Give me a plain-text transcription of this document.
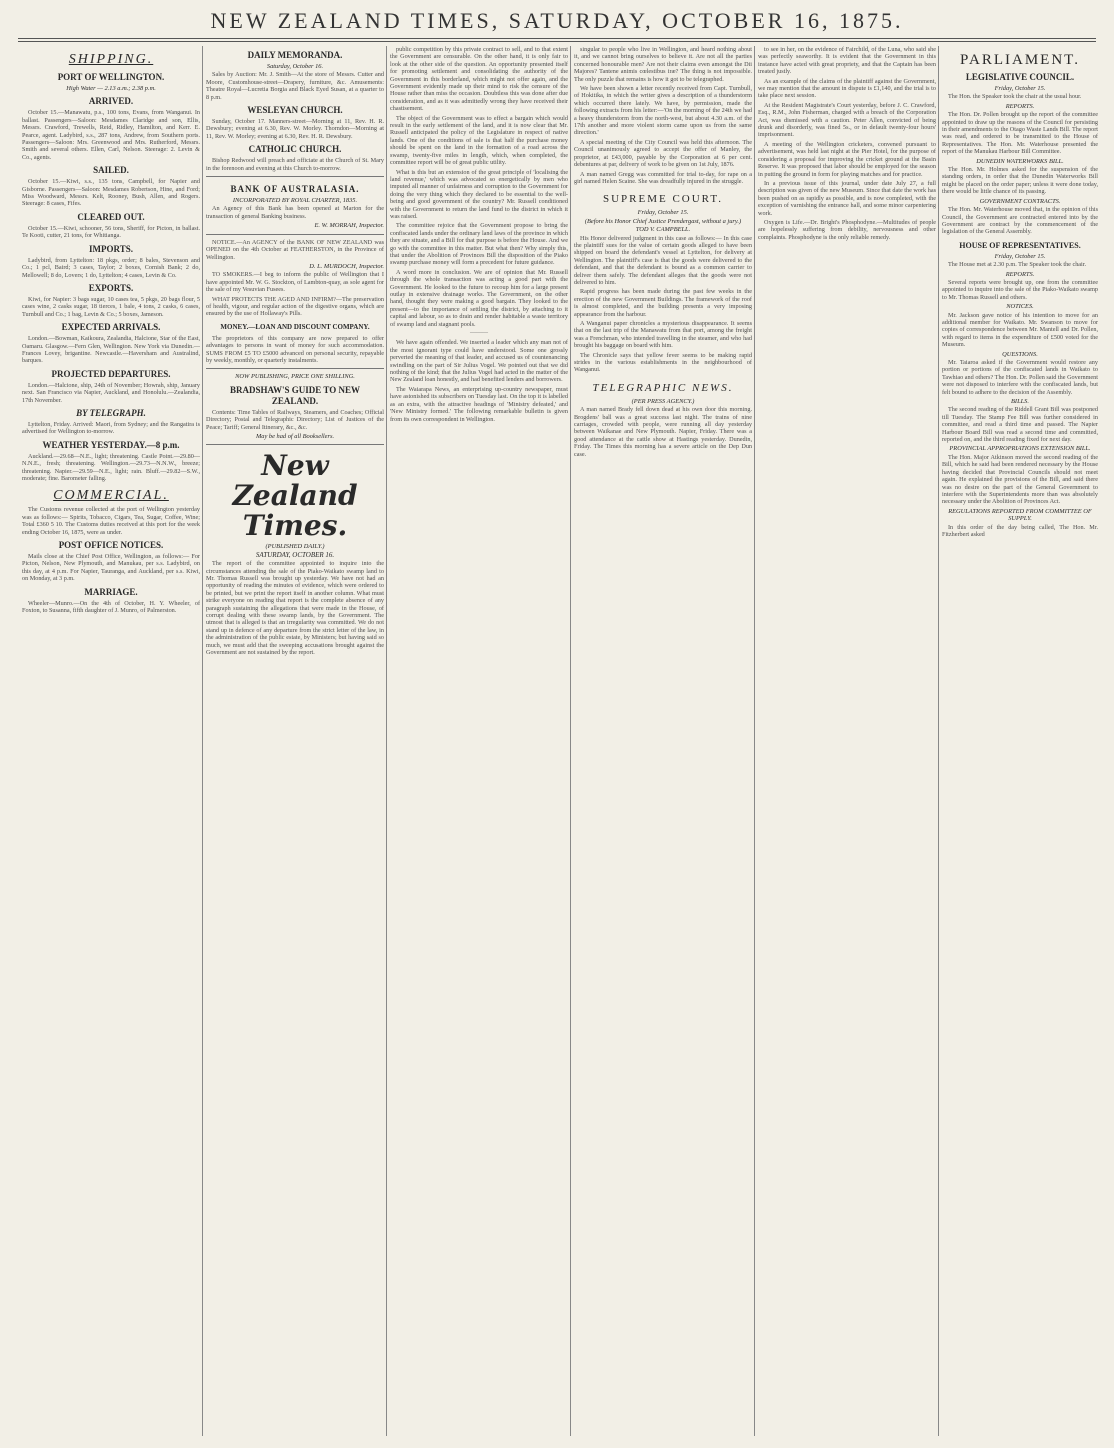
NEW ZEALAND TIMES, SATURDAY, OCTOBER 16, 1875.
SHIPPING.
PORT OF WELLINGTON.

High Water — 2.13 a.m.; 2.38 p.m.

ARRIVED.

October 15.—Manawatu, p.s., 100 tons, Evans, from Wanganui. In ballast. Passengers—Saloon: Mesdames Claridge and son, Ellis, Messrs. Crawford, Trewells, Reid, Ridley, Hamilton, and Kerr. E. Pearce, agent. Ladybird, s.s., 287 tons, Andrew, from Southern ports. Passengers—Saloon: Mrs. Greenwood and Mrs. Rutherford, Messrs. Smith and several others. Ellen, Carl, Nelson. Steerage: 2. Levin & Co., agents.

SAILED.

October 15.—Kiwi, s.s., 135 tons, Campbell, for Napier and Gisborne. Passengers—Saloon: Mesdames Robertson, Hine, and Ford; Miss Woodward, Messrs. Kelt, Rooney, Bush, Allen, and Rogers. Steerage: 8 cases, Fifes.

CLEARED OUT.

October 15.—Kiwi, schooner, 56 tons, Sheriff, for Picton, in ballast. Te Kooti, cutter, 21 tons, for Whitianga.

IMPORTS.

Ladybird, from Lyttelton: 18 pkgs, order; 8 bales, Stevenson and Co.; 1 pcl, Baird; 3 cases, Taylor; 2 boxes, Cornish Bank; 2 do, Mellowell; 8 do, Lovers; 1 do, Lyttelton; 4 cases, Levin & Co.

EXPORTS.

Kiwi, for Napier: 3 bags sugar, 10 cases tea, 5 pkgs, 20 bags flour, 5 cases wine, 2 casks sugar, 18 tierces, 1 bale, 4 tons, 2 casks, 6 cases, Turnbull and Co.; 1 bag, Levin & Co.; 5 boxes, Jameson.

EXPECTED ARRIVALS.

London.—Bowman, Kaikoura, Zealandia, Halcione, Star of the East, Oamaru. Glasgow.—Fern Glen, Wellington. New York via Dunedin.—Frances Lovey, brigantine. Newcastle.—Haversham and Australind, barques.

PROJECTED DEPARTURES.

London.—Halcione, ship, 24th of November; Howrah, ship, January next. San Francisco via Napier, Auckland, and Honolulu.—Zealandia, 17th November.

BY TELEGRAPH.

Lyttelton, Friday. Arrived: Maori, from Sydney; and the Rangatira is advertised for Wellington to-morrow.

WEATHER YESTERDAY.—8 p.m.

Auckland.—29.68—N.E., light; threatening. Castle Point.—29.80—N.N.E., fresh; threatening. Wellington.—29.73—N.N.W., breeze; threatening. Napier.—29.59—N.E., light; rain. Bluff.—29.82—S.W., moderate; fine. Barometer falling.

COMMERCIAL.

The Customs revenue collected at the port of Wellington yesterday was as follows:— Spirits, Tobacco, Cigars, Tea, Sugar, Coffee, Wine; Total £360 5 10. The Customs duties received at this port for the week ending October 16, 1875, were as under.

POST OFFICE NOTICES.

Mails close at the Chief Post Office, Wellington, as follows:— For Picton, Nelson, New Plymouth, and Manukau, per s.s. Ladybird, on this day, at 4 p.m. For Napier, Tauranga, and Auckland, per s.s. Kiwi, on Monday, at 3 p.m.

MARRIAGE.

Wheeler—Munro.—On the 4th of October, H. Y. Wheeler, of Foxton, to Susanna, fifth daughter of J. Munro, of Palmerston.

DAILY MEMORANDA.

Saturday, October 16.

Sales by Auction: Mr. J. Smith—At the store of Messrs. Cutter and Moore, Customhouse-street—Drapery, furniture, &c. Amusements: Theatre Royal—Lucretia Borgia and Black Eyed Susan, at a quarter to 8 p.m.

WESLEYAN CHURCH.

Sunday, October 17. Manners-street—Morning at 11, Rev. H. R. Dewsbury; evening at 6.30, Rev. W. Morley. Thorndon—Morning at 11, Rev. W. Morley; evening at 6.30, Rev. H. R. Dewsbury.

CATHOLIC CHURCH.

Bishop Redwood will preach and officiate at the Church of St. Mary in the forenoon and evening at this Church to-morrow.

BANK OF AUSTRALASIA.

INCORPORATED BY ROYAL CHARTER, 1835.

An Agency of this Bank has been opened at Marton for the transaction of general Banking business.

E. W. MORRAH, Inspector.

NOTICE.—An AGENCY of the BANK OF NEW ZEALAND was OPENED on the 4th October at FEATHERSTON, in the Province of Wellington.

D. L. MURDOCH, Inspector.

TO SMOKERS.—I beg to inform the public of Wellington that I have appointed Mr. W. G. Stockton, of Lambton-quay, as sole agent for the sale of my Vesuvian Fusees.

WHAT PROTECTS THE AGED AND INFIRM?—The preservation of health, vigour, and regular action of the digestive organs, which are ensured by the use of Hollaway's Pills.

MONEY.—LOAN AND DISCOUNT COMPANY.

The proprietors of this company are now prepared to offer advantages to persons in want of money for such accommodation. SUMS FROM £5 TO £5000 advanced on personal security, repayable by weekly, monthly, or quarterly instalments.

NOW PUBLISHING, PRICE ONE SHILLING.

BRADSHAW'S GUIDE TO NEW ZEALAND.

Contents: Time Tables of Railways, Steamers, and Coaches; Official Directory; Postal and Telegraphic Directory; List of Justices of the Peace; Tariff; General Itinerary, &c., &c.

May be had of all Booksellers.

New Zealand Times.

(PUBLISHED DAILY.)

SATURDAY, OCTOBER 16.

The report of the committee appointed to inquire into the circumstances attending the sale of the Piako-Waikato swamp land to Mr. Thomas Russell was brought up yesterday. We have not had an opportunity of reading the minutes of evidence, which were ordered to be printed, but we print the report itself in another column. What must strike everyone on reading that report is the complete absence of any paragraph sustaining the allegations that were made in the House, of corrupt dealing with these swamp lands, by the Government. The utmost that is alleged is that an irregularity was committed. We do not stand up in defence of any departure from the strict letter of the law, in the administration of the public estate, by Ministers; but having said so much, we must add that the sweeping accusations brought against the Government are not sustained by the report.

public competition by this private contract to sell, and to that extent the Government are censurable. On the other hand, it is only fair to look at the other side of the question. An opportunity presented itself for promoting settlement and consolidating the authority of the Government in this borderland, which might not offer again, and the Government evidently made up their mind to risk the censure of the House rather than miss the occasion. Doubtless this was done after due consideration, and as it was admittedly wrong they have received their chastisement.

The object of the Government was to effect a bargain which would result in the early settlement of the land, and it is now clear that Mr. Russell anticipated the policy of the Legislature in respect of native lands. One of the conditions of sale is that half the purchase money should be spent on the land in the formation of a road across the swamp, twenty-five miles in length, which, when completed, the committee report will be of great public utility.

What is this but an extension of the great principle of 'localising the land revenue,' which was advocated so energetically by men who imputed all manner of unfairness and corruption to the Government for doing the very thing which they declared to be essential to the well-being and good government of the country? Mr. Russell conditioned with the Government to return the land fund to the district in which it was raised.

The committee rejoice that the Government propose to bring the confiscated lands under the ordinary land laws of the province in which they are situate, and a Bill for that purpose is before the House. And we go with the committee in this matter. But what then? Why simply this, that under the Abolition of Provinces Bill the disposition of the Piako swamp purchase money will form a precedent for future guidance.

A word more in conclusion. We are of opinion that Mr. Russell through the whole transaction was acting a good part with the Government. He looked to the future to recoup him for a large present outlay in extensive drainage works. The Government, on the other hand, thought they were making a good bargain. They looked to the present—to the importance of settling the district, by attaching to it capital and labour, so as to drain and render habitable a waste territory of swamp land and stagnant pools.

———

We have again offended. We inserted a leader which any man not of the most ignorant type could have understood. Some one grossly perverted the meaning of that leader, and accused us of countenancing swindling on the part of Sir Julius Vogel. We pointed out that we did nothing of the kind; that the Julius Vogel had acted in the matter of the New Zealand loan honestly, and had benefited lenders and borrowers.

The Waiarapa News, an enterprising up-country newspaper, must have astonished its subscribers on Tuesday last. On the top it is labelled as an extra, with the attractive headings of 'Ministry defeated,' and 'New Ministry formed.' The following remarkable bulletin is given from its own correspondent in Wellington.

singular to people who live in Wellington, and heard nothing about it, and we cannot bring ourselves to believe it. Are not all the parties concerned honourable men? Are not their claims even amongst the Dii Majores? Tantene animis cœlestibus iræ? The thing is not impossible. The only puzzle that remains is how it got to be telegraphed.

We have been shown a letter recently received from Capt. Turnbull, of Hokitika, in which the writer gives a description of a thunderstorm which occurred there lately. We have, by permission, made the following extracts from his letter:—'On the morning of the 24th we had a heavy thunderstorm from the north-west, but about 4.30 a.m. of the 17th another and more violent storm came upon us from the same direction.'

A special meeting of the City Council was held this afternoon. The Council unanimously agreed to accept the offer of Manley, the proprietor, at £43,000, payable by the Corporation at 6 per cent. debentures at par, delivery of work to be given on 1st July, 1876.

A man named Gregg was committed for trial to-day, for rape on a girl named Helen Scaine. She was dreadfully injured in the struggle.

SUPREME COURT.

Friday, October 15.

(Before his Honor Chief Justice Prendergast, without a jury.)

TOD V. CAMPBELL.

His Honor delivered judgment in this case as follows:— In this case the plaintiff sues for the value of certain goods alleged to have been shipped on board the defendant's vessel at Lyttelton, for delivery at Wellington. The plaintiff's case is that the goods were delivered to the defendant, and that the defendant is bound as a common carrier to deliver them safely. The defendant alleges that the goods were not delivered to him.

Rapid progress has been made during the past few weeks in the erection of the new Government Buildings. The framework of the roof is almost completed, and the building presents a very imposing appearance from the harbour.

A Wanganui paper chronicles a mysterious disappearance. It seems that on the last trip of the Manawatu from that port, among the freight was a Frenchman, who intended travelling in the steamer, and who had brought his baggage on board with him.

The Chronicle says that yellow fever seems to be making rapid strides in the various establishments in the neighbourhood of Wanganui.

TELEGRAPHIC NEWS.

(PER PRESS AGENCY.)

A man named Brady fell down dead at his own door this morning. Brogdens' ball was a great success last night. The trains of nine carriages, crowded with people, were running all day yesterday between Waikanae and New Plymouth. Napier, Friday. There was a good attendance at the cattle show at Hastings yesterday. Dunedin, Friday. The Times this morning has a severe article on the Dep Dun case.

to see in her, on the evidence of Fairchild, of the Luna, who said she was perfectly seaworthy. It is evident that the Government in this instance have acted with great propriety, and that the Captain has been treated justly.

As an example of the claims of the plaintiff against the Government, we may mention that the amount in dispute is £1,140, and the trial is to take place next session.

At the Resident Magistrate's Court yesterday, before J. C. Crawford, Esq., R.M., John Fisherman, charged with a breach of the Corporation Act, was dismissed with a caution. Peter Allen, convicted of being drunk and disorderly, was fined 5s., or in default twenty-four hours' imprisonment.

A meeting of the Wellington cricketers, convened pursuant to advertisement, was held last night at the Pier Hotel, for the purpose of considering a proposal for improving the cricket ground at the Basin Reserve. It was proposed that labor should be employed for the season in putting the ground in form for playing matches and for practice.

In a previous issue of this journal, under date July 27, a full description was given of the new Museum. Since that date the work has been pushed on as rapidly as possible, and is now completed, with the exception of varnishing the entrance hall, and some minor carpentering work.

Oxygen is Life.—Dr. Bright's Phosphodyne.—Multitudes of people are hopelessly suffering from debility, nervousness and other complaints. Phosphodyne is the only reliable remedy.

PARLIAMENT.
LEGISLATIVE COUNCIL.

Friday, October 15.

The Hon. the Speaker took the chair at the usual hour.

REPORTS.

The Hon. Dr. Pollen brought up the report of the committee appointed to draw up the reasons of the Council for persisting in their amendments to the Otago Waste Lands Bill. The report was read, and ordered to be transmitted to the House of Representatives. The Hon. Mr. Waterhouse presented the report of the Manukau Harbour Bill Committee.

DUNEDIN WATERWORKS BILL.

The Hon. Mr. Holmes asked for the suspension of the standing orders, in order that the Dunedin Waterworks Bill might be placed on the order paper; unless it were done today, there would be little chance of its passing.

GOVERNMENT CONTRACTS.

The Hon. Mr. Waterhouse moved that, in the opinion of this Council, the Government are contracted entered into by the Government are contract by the commencement of the legislation of the General Assembly.

HOUSE OF REPRESENTATIVES.

Friday, October 15.

The House met at 2.30 p.m. The Speaker took the chair.

REPORTS.

Several reports were brought up, one from the committee appointed to inquire into the sale of the Piako-Waikato swamp to Mr. Thomas Russell and others.

NOTICES.

Mr. Jackson gave notice of his intention to move for an additional member for Waikato. Mr. Swanson to move for copies of correspondence between Mr. Mantell and Dr. Pollen, with regard to items in the expenditure of £500 voted for the Museum.

QUESTIONS.

Mr. Taiaroa asked if the Government would restore any portion or portions of the confiscated lands in Waikato to Tawhiao and others? The Hon. Dr. Pollen said the Government were not disposed to interfere with the confiscated lands, but felt bound to adhere to the decision of the Assembly.

BILLS.

The second reading of the Riddell Grant Bill was postponed till Tuesday. The Stamp Fee Bill was further considered in committee, and read a third time and passed. The Napier Harbour Board Bill was read a second time and committed, reported on, and the third reading fixed for next day.

PROVINCIAL APPROPRIATIONS EXTENSION BILL.

The Hon. Major Atkinson moved the second reading of the Bill, which he said had been rendered necessary by the House having decided that Provincial Councils should not meet again. He explained the provisions of the Bill, and said there was no desire on the part of the General Government to interfere with the Superintendents more than was absolutely necessary under the Abolition of Provinces Act.

REGULATIONS REPORTED FROM COMMITTEE OF SUPPLY.

In this order of the day being called, The Hon. Mr. Fitzherbert asked
